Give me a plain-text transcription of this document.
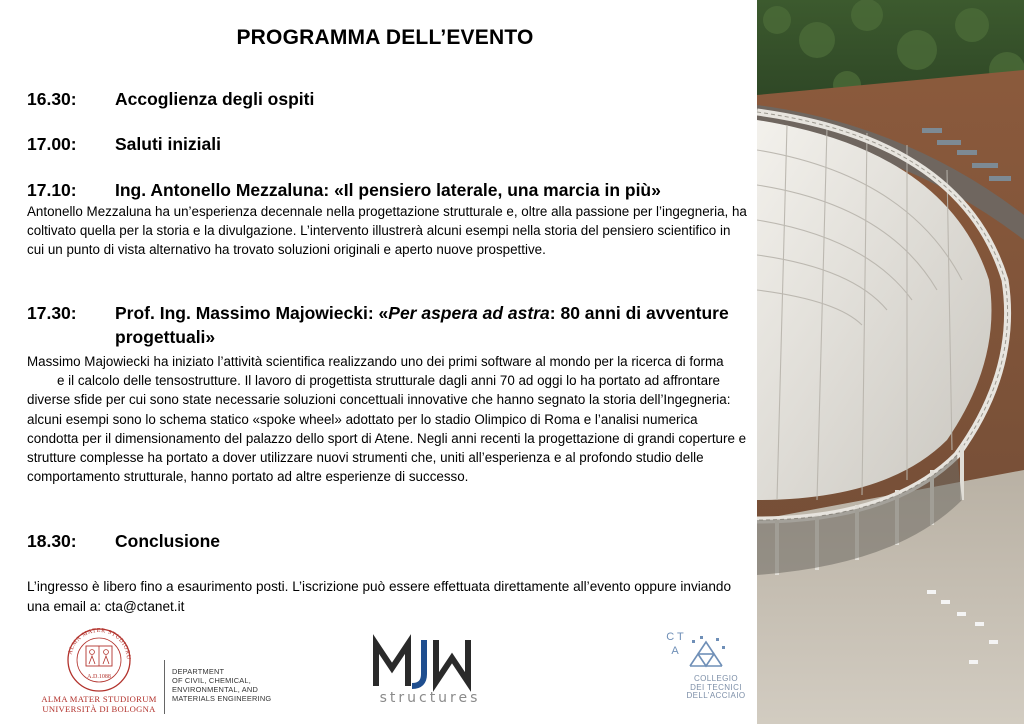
PROGRAMMA DELL’EVENTO
16.30:	Accoglienza degli ospiti
17.00:	Saluti iniziali
17.10:	Ing. Antonello Mezzaluna: «Il pensiero laterale, una marcia in più»

Antonello Mezzaluna ha un’esperienza decennale nella progettazione strutturale e, oltre alla passione per l’ingegneria, ha coltivato quella per la storia e la divulgazione. L’intervento illustrerà alcuni esempi nella storia del pensiero scientifico in cui un punto di vista alternativo ha trovato soluzioni originali e aperto nuove prospettive.

17.30:	Prof. Ing. Massimo Majowiecki: «Per aspera ad astra: 80 anni di avventure progettuali»

Massimo Majowiecki ha iniziato l’attività scientifica realizzando uno dei primi software al mondo per la ricerca di formae il calcolo delle tensostrutture. Il lavoro di progettista strutturale dagli anni 70 ad oggi lo ha portato ad affrontare diverse sfide per cui sono state necessarie soluzioni concettuali innovative che hanno segnato la storia dell’Ingegneria: alcuni esempi sono lo schema statico «spoke wheel» adottato per lo stadio Olimpico di Roma e l’analisi numerica condotta per il dimensionamento del palazzo dello sport di Atene. Negli anni recenti la progettazione di grandi coperture e strutture complesse ha portato a dover utilizzare nuovi strumenti che, uniti all’esperienza e al profondo studio delle comportamento strutturale, hanno portato ad altre esperienze di successo.

18.30:	Conclusione
L’ingresso è libero fino a esaurimento posti. L’iscrizione può essere effettuata direttamente all’evento oppure inviando una email a: cta@ctanet.it
ALMA MATER STUDIORU
A.D.1088
ALMA MATER STUDIORUM
UNIVERSITÀ DI BOLOGNA
DEPARTMENT
OF CIVIL, CHEMICAL,
ENVIRONMENTAL, AND
MATERIALS ENGINEERING	structures
C T A
COLLEGIO
DEI TECNICI
DELL’ACCIAIO
